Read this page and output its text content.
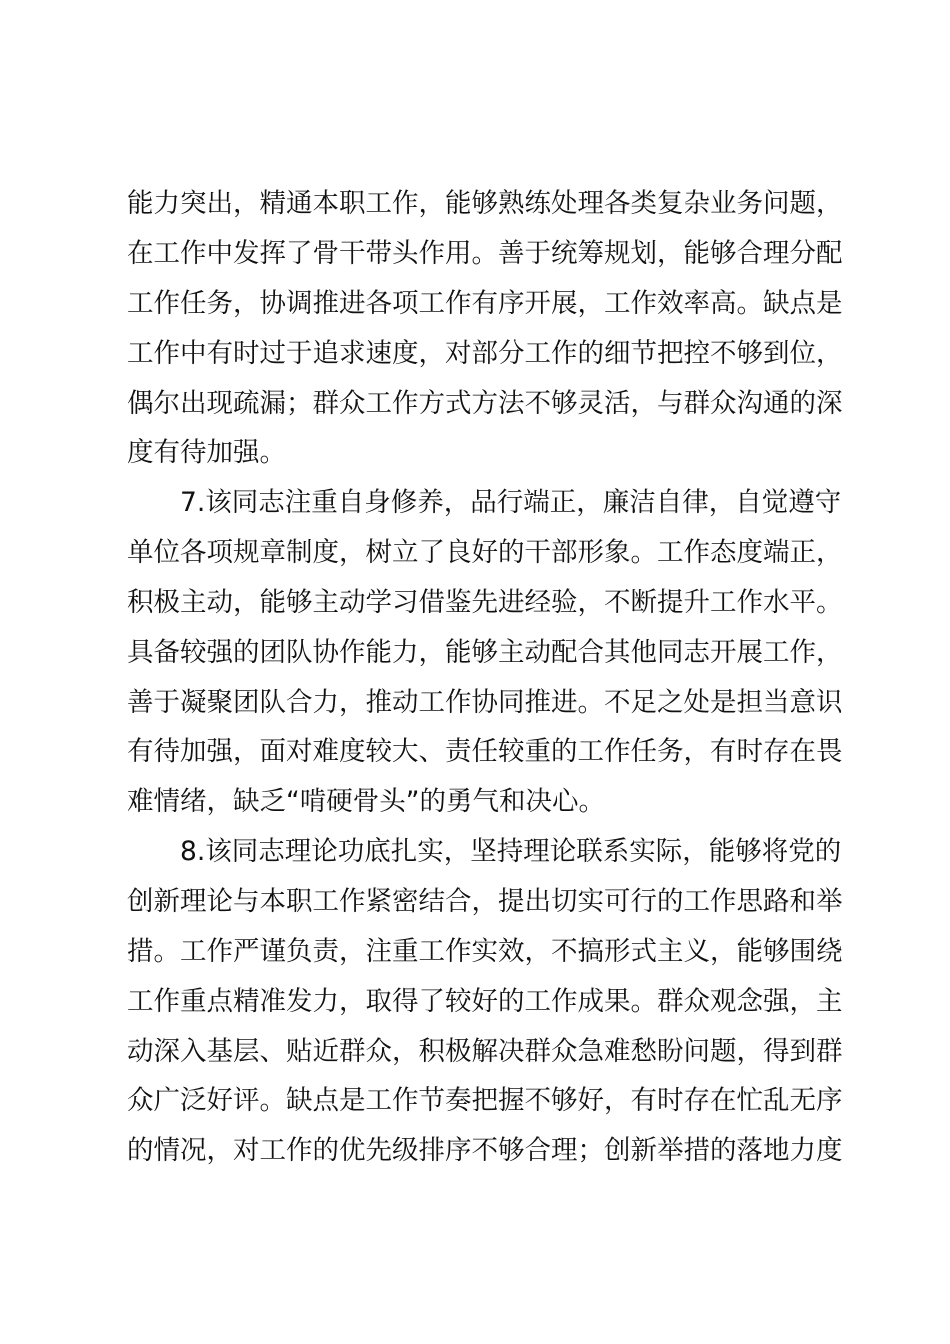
能力突出，精通本职工作，能够熟练处理各类复杂业务问题，
在工作中发挥了骨干带头作用。善于统筹规划，能够合理分配
工作任务，协调推进各项工作有序开展，工作效率高。缺点是
工作中有时过于追求速度，对部分工作的细节把控不够到位，
偶尔出现疏漏；群众工作方式方法不够灵活，与群众沟通的深
度有待加强。
7.该同志注重自身修养，品行端正，廉洁自律，自觉遵守
单位各项规章制度，树立了良好的干部形象。工作态度端正，
积极主动，能够主动学习借鉴先进经验，不断提升工作水平。
具备较强的团队协作能力，能够主动配合其他同志开展工作，
善于凝聚团队合力，推动工作协同推进。不足之处是担当意识
有待加强，面对难度较大、责任较重的工作任务，有时存在畏
难情绪，缺乏“啃硬骨头”的勇气和决心。
8.该同志理论功底扎实，坚持理论联系实际，能够将党的
创新理论与本职工作紧密结合，提出切实可行的工作思路和举
措。工作严谨负责，注重工作实效，不搞形式主义，能够围绕
工作重点精准发力，取得了较好的工作成果。群众观念强，主
动深入基层、贴近群众，积极解决群众急难愁盼问题，得到群
众广泛好评。缺点是工作节奏把握不够好，有时存在忙乱无序
的情况，对工作的优先级排序不够合理；创新举措的落地力度
